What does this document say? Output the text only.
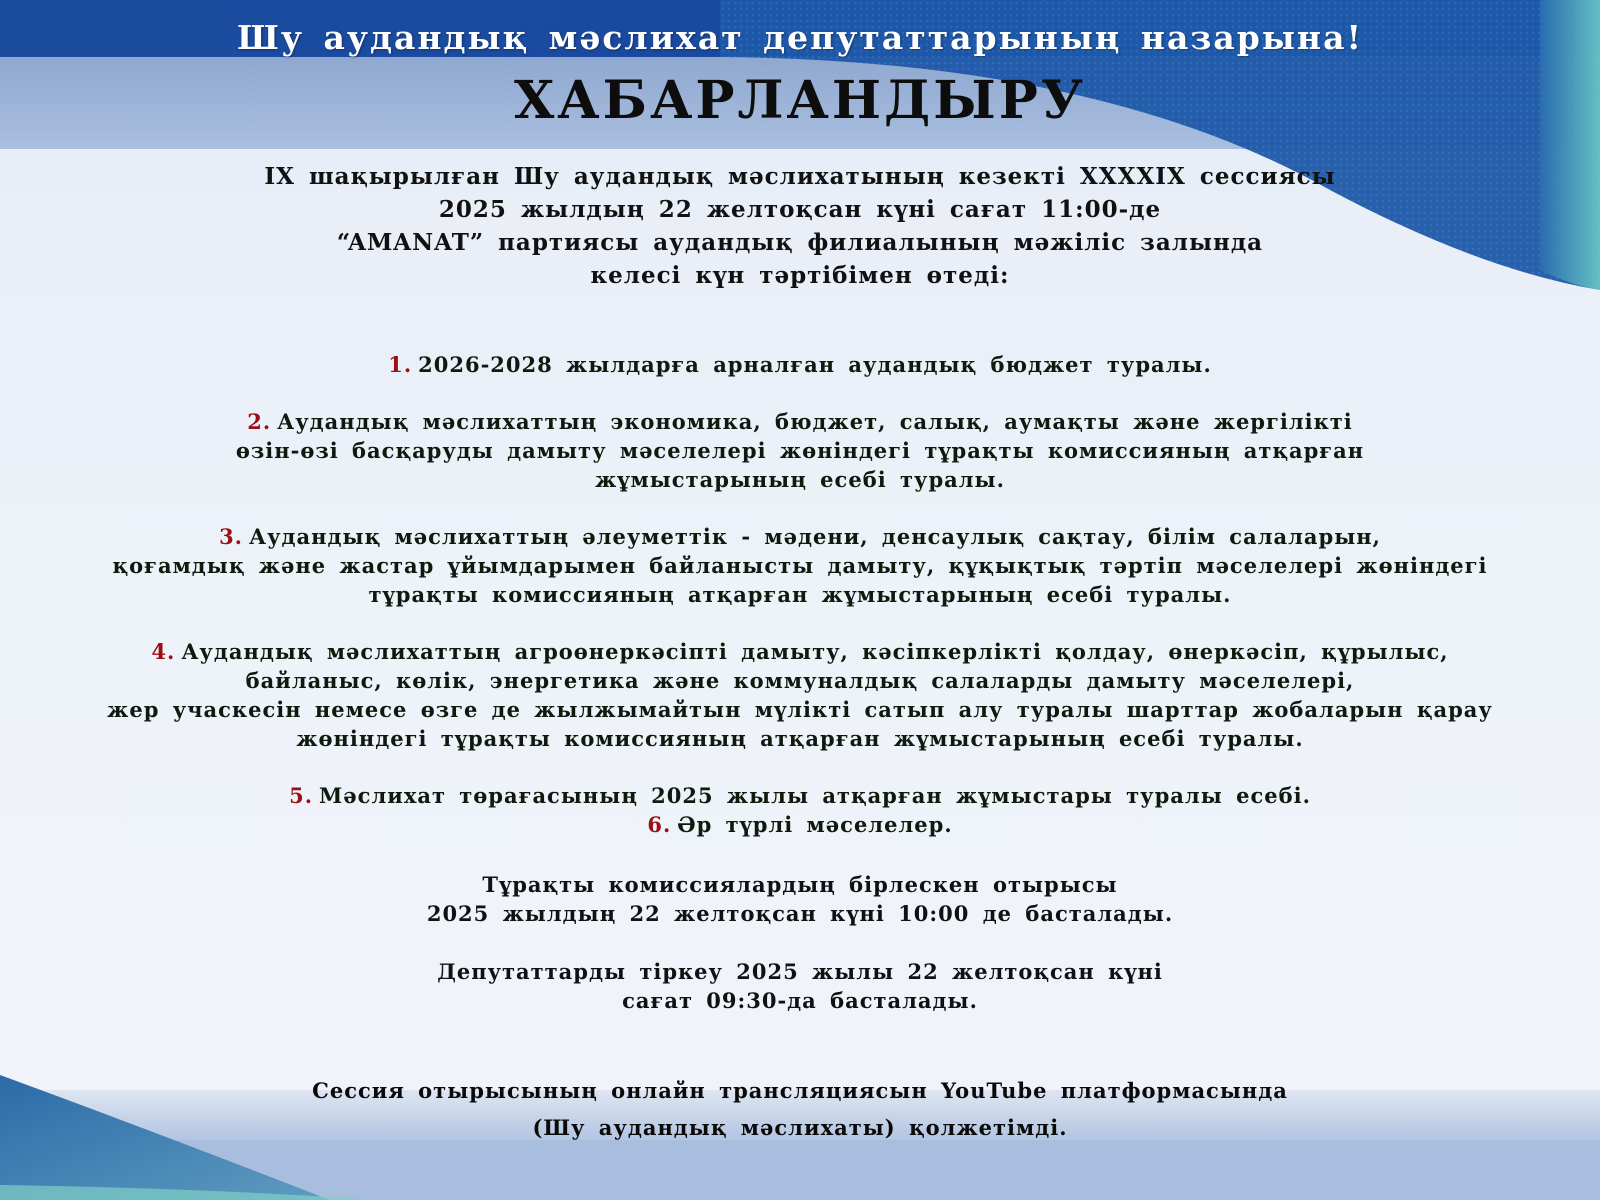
Шу аудандық мәслихат депутаттарының назарына!
ХАБАРЛАНДЫРУ
IX шақырылған Шу аудандық мәслихатының кезекті XXXXIX сессиясы
2025 жылдың 22 желтоқсан күні сағат 11:00-де
“AMANAT” партиясы аудандық филиалының мәжіліс залында
келесі күн тәртібімен өтеді:
1. 2026-2028 жылдарға арналған аудандық бюджет туралы.
2. Аудандық мәслихаттың экономика, бюджет, салық, аумақты және жергілікті
өзін-өзі басқаруды дамыту мәселелері жөніндегі тұрақты комиссияның атқарған
жұмыстарының есебі туралы.
3. Аудандық мәслихаттың әлеуметтік - мәдени, денсаулық сақтау, білім салаларын,
қоғамдық және жастар ұйымдарымен байланысты дамыту, құқықтық тәртіп мәселелері жөніндегі
тұрақты комиссияның атқарған жұмыстарының есебі туралы.
4. Аудандық мәслихаттың агроөнеркәсіпті дамыту, кәсіпкерлікті қолдау, өнеркәсіп, құрылыс,
байланыс, көлік, энергетика және коммуналдық салаларды дамыту мәселелері,
жер учаскесін немесе өзге де жылжымайтын мүлікті сатып алу туралы шарттар жобаларын қарау
жөніндегі тұрақты комиссияның атқарған жұмыстарының есебі туралы.
5. Мәслихат төрағасының 2025 жылы атқарған жұмыстары туралы есебі.
6. Әр түрлі мәселелер.
Тұрақты комиссиялардың бірлескен отырысы
2025 жылдың 22 желтоқсан күні 10:00 де басталады.
Депутаттарды тіркеу 2025 жылы 22 желтоқсан күні
сағат 09:30-да басталады.
Сессия отырысының онлайн трансляциясын YouTube платформасында
(Шу аудандық мәслихаты) қолжетімді.
